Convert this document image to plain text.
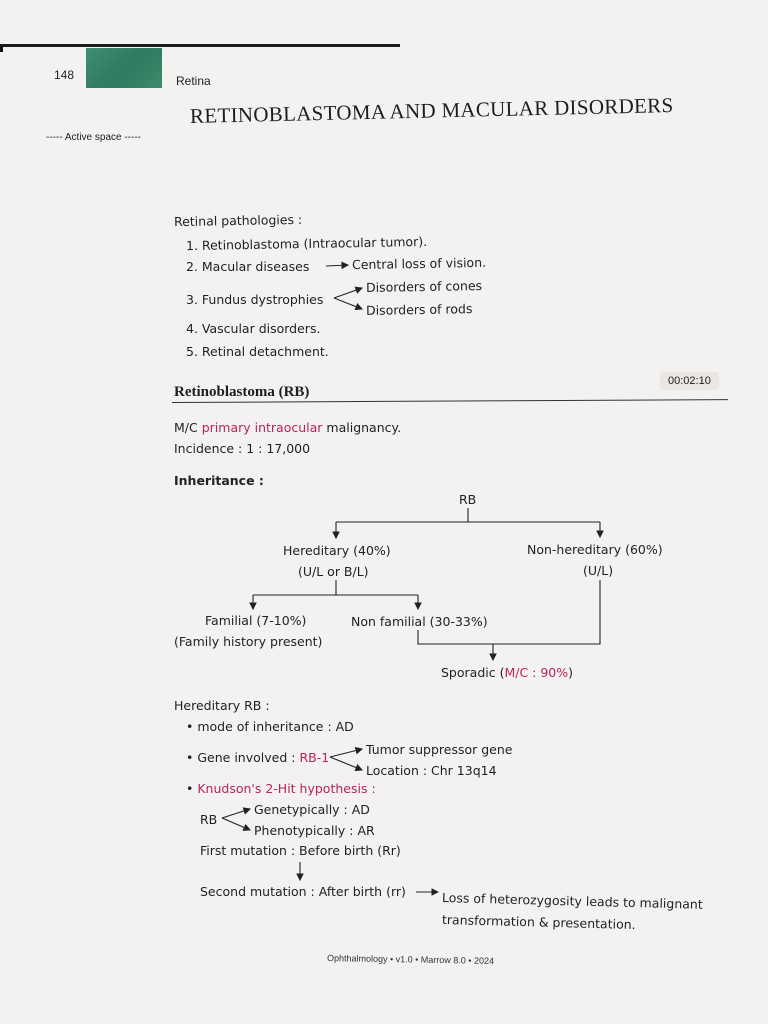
148	Retina
----- Active space -----
RETINOBLASTOMA AND MACULAR DISORDERS
Retinal pathologies :
1. Retinoblastoma (Intraocular tumor).
2. Macular diseases	Central loss of vision.
3. Fundus dystrophies
Disorders of cones
Disorders of rods
4. Vascular disorders.
5. Retinal detachment.
Retinoblastoma (RB)
00:02:10
M/C primary intraocular malignancy.
Incidence : 1 : 17,000
Inheritance :
RB
Hereditary (40%)
(U/L or B/L)
Non-hereditary (60%)
(U/L)
Familial (7-10%)
(Family history present)
Non familial (30-33%)
Sporadic (M/C : 90%)
Hereditary RB :
• mode of inheritance : AD
• Gene involved : RB-1
Tumor suppressor gene
Location : Chr 13q14
• Knudson's 2-Hit hypothesis :
RB
Genetypically : AD
Phenotypically : AR
First mutation : Before birth (Rr)
Second mutation : After birth (rr)	Loss of heterozygosity leads to malignant
transformation & presentation.
Ophthalmology • v1.0 • Marrow 8.0 • 2024
